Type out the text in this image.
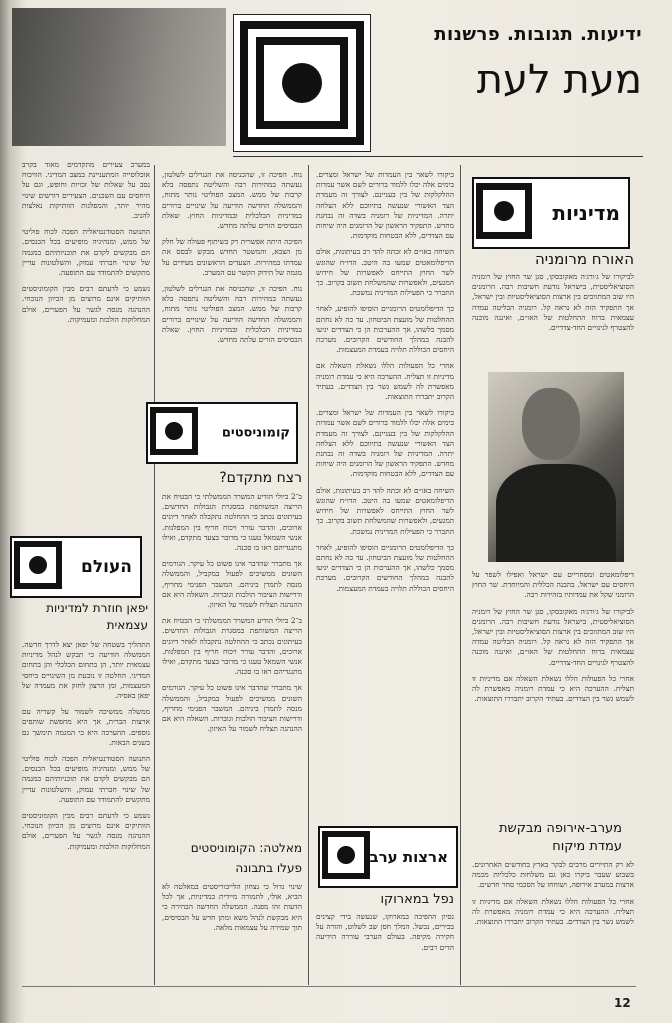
ידיעות. תגובות. פרשנות
מעת לעת
מדיניות
האורח מרומניה

לביקורו של ג׳ורג׳ה מאקובסקו, סגן שר החוץ של רומניה הסוציאליסטית, בישראל נודעת חשיבות רבה. הרומנים היו שוב המתווכים בין ארצות הסוציאליסטיות ובין ישראל, אך התפקיד הזה לא נראה קל. רומניה הבליטה עמדה עצמאית ברוח ההחלטות של האו״ם, ואיננה מוכנה להצטרף לגינויים החד-צדדיים.

דיפלומאטים ומסחריים עם ישראל ואפילו לשפר על היחסים עם ישראל. בהבנה הכללית והמיוחדת. שר החוץ הרומני שקל את עמדותיו בזהירות רבה.

לביקורו של ג׳ורג׳ה מאקובסקו, סגן שר החוץ של רומניה הסוציאליסטית, בישראל נודעת חשיבות רבה. הרומנים היו שוב המתווכים בין ארצות הסוציאליסטיות ובין ישראל, אך התפקיד הזה לא נראה קל. רומניה הבליטה עמדה עצמאית ברוח ההחלטות של האו״ם, ואיננה מוכנה להצטרף לגינויים החד-צדדיים.

אחרי כל הפעולות הללו נשאלת השאלה אם מדיניות זו תצליח. ההערכה היא כי עמדת רומניה מאפשרת לה לשמש גשר בין הצדדים. בעתיד הקרוב יתבררו התוצאות.

מערב-אירופה מבקשת עמדת מיקוח

לא רק התיירים מרבים לבקר בארץ בחודשים האחרונים. בשבוע שעבר ביקרו כאן גם משלחות כלכליות מכמה ארצות במערב אירופה, ושוחחו על הסכמי סחר חדשים.

אחרי כל הפעולות הללו נשאלת השאלה אם מדיניות זו תצליח. ההערכה היא כי עמדת רומניה מאפשרת לה לשמש גשר בין הצדדים. בעתיד הקרוב יתבררו התוצאות.

ביקורו לשאר בין העמדות של ישראל ומצרים. בימים אלה יכלו ללמוד ברורים לשם אשר עמדות ההלקלקות של בין בעניינם. לצורך זה מעמדת הצד האשורי שנעשה בתיווכם ללא הצלחה יתרה. המדיניות של רומניה בשדה זה נבחנת מחדש. התפקיד הראשון של הרומנים היה שיחות עם הצדדים, ללא הבטחות מוקדמות.

השיחה באו״ם לא זכתה להד רב בעיתונות, אולם הדיפלומאטים שמעו בה היטב. הדו״ח שהוגש לשר החוץ התייחס לאפשרות של חידוש המגעים, ולאפשרות שהמשלחת תשוב בקרוב. כך התברר כי הפעילות המדינית נמשכת.

כך הדיפלומטים הרומניים הוסיפו להופיע, לאחר ההחלטות של מועצת הביטחון. עד כה לא נחתם מסמך כלשהו, אך ההערכות הן כי הצדדים יגיעו להבנה במהלך החודשים הקרובים. מערכת היחסים הכוללת תלויה בעמדת המעצמות.

אחרי כל הפעולות הללו נשאלת השאלה אם מדיניות זו תצליח. ההערכה היא כי עמדת רומניה מאפשרת לה לשמש גשר בין הצדדים. בעתיד הקרוב יתבררו התוצאות.

ביקורו לשאר בין העמדות של ישראל ומצרים. בימים אלה יכלו ללמוד ברורים לשם אשר עמדות ההלקלקות של בין בעניינם. לצורך זה מעמדת הצד האשורי שנעשה בתיווכם ללא הצלחה יתרה. המדיניות של רומניה בשדה זה נבחנת מחדש. התפקיד הראשון של הרומנים היה שיחות עם הצדדים, ללא הבטחות מוקדמות.

השיחה באו״ם לא זכתה להד רב בעיתונות, אולם הדיפלומאטים שמעו בה היטב. הדו״ח שהוגש לשר החוץ התייחס לאפשרות של חידוש המגעים, ולאפשרות שהמשלחת תשוב בקרוב. כך התברר כי הפעילות המדינית נמשכת.

כך הדיפלומטים הרומניים הוסיפו להופיע, לאחר ההחלטות של מועצת הביטחון. עד כה לא נחתם מסמך כלשהו, אך ההערכות הן כי הצדדים יגיעו להבנה במהלך החודשים הקרובים. מערכת היחסים הכוללת תלויה בעמדת המעצמות.

ארצות ערב
נפל במארוקו

נסיון ההפיכה במארוקו, שנעשה בידי קצינים בכירים, נכשל. המלך חסן שב לשלוט, והורה על חקירה מקיפה. בעולם הערבי עוררה הידיעה הדים רבים.

נוח. הפיכה זו, שהכניסה את הגנרלים לשלטון, נעשתה במהירות רבה והשליטה נתפסה בלא קרבות של ממש. המצב הפוליטי נותר מתוח, והממשלה החדשה הודיעה על שינויים ברורים במדיניות הכלכלית ובמדיניות החוץ. שאלת הבסיסים הזרים עלתה מחדש.

הפיכה היתה אפשרית רק בשיתוף פעולה של חלק מן הצבא, והמשטר החדש מבקש לבסס את עמדתו במהירות. הצעדים הראשונים מעידים על מגמה של הידוק הקשר עם המערב.

נוח. הפיכה זו, שהכניסה את הגנרלים לשלטון, נעשתה במהירות רבה והשליטה נתפסה בלא קרבות של ממש. המצב הפוליטי נותר מתוח, והממשלה החדשה הודיעה על שינויים ברורים במדיניות הכלכלית ובמדיניות החוץ. שאלת הבסיסים הזרים עלתה מחדש.

קומוניסטים
רצח מתקדם?

ב־2 ביולי הודיע המשרד הממשלתי כי הבטיח את הריצה המשותפת במסגרת הגבולות החדשים. בעיתונים נכתב כי ההחלטה נתקבלה לאחר דיונים ארוכים, והדבר עורר ויכוח חריף בין המפלגות. אנשי השמאל טענו כי מדובר בצעד מתקדם, ואילו מתנגדיהם ראו בו סכנה.

אך מתברר שהדבר אינו פשוט כל עיקר. הגורמים השונים ממשיכים לפעול במקביל, והממשלה מנסה לתמרן ביניהם. המשבר הפנימי מחריף, ודרישות הציבור הולכות וגוברות. השאלה היא אם ההנהגה תצליח לשמור על האיזון.

ב־2 ביולי הודיע המשרד הממשלתי כי הבטיח את הריצה המשותפת במסגרת הגבולות החדשים. בעיתונים נכתב כי ההחלטה נתקבלה לאחר דיונים ארוכים, והדבר עורר ויכוח חריף בין המפלגות. אנשי השמאל טענו כי מדובר בצעד מתקדם, ואילו מתנגדיהם ראו בו סכנה.

אך מתברר שהדבר אינו פשוט כל עיקר. הגורמים השונים ממשיכים לפעול במקביל, והממשלה מנסה לתמרן ביניהם. המשבר הפנימי מחריף, ודרישות הציבור הולכות וגוברות. השאלה היא אם ההנהגה תצליח לשמור על האיזון.

מאלטה: הקומוניסטים פעלו בתבונה

שינוי גדול כי נצחון הלייבוריסטים במאלטה לא הביא, אולי, לתמורה מיידית במדיניות, אך לכל הדעות זהו מפנה. הממשלה החדשה הבהירה כי היא מבקשת לנהל משא ומתן חדש על הבסיסים, תוך שמירה על עצמאות מלאה.

במערב צעירים מתקדמים מאוד בקרב אוכלוסייה המתעניינת במצב המדיני. הוויכוח נסב על שאלות של זכויות וחופש, וגם על היחסים עם השכנים. הצעירים דורשים שינוי מהיר יותר, והמפלגות הוותיקות נאלצות להגיב.

התנועה הסטודנטיאלית הפכה לכוח פוליטי של ממש, ומנהיגיה מופיעים בכל הכנסים. הם מבקשים לקדם את תוכניותיהם במגמה של שינוי חברתי עמוק, והשלטונות עדיין מתקשים להתמודד עם התופעה.

נשמע כי לדעתם רבים מבין הקומוניסטים הוותיקים אינם מרוצים מן הכיוון הנוכחי. ההנהגה מנסה לגשר על הפערים, אולם המחלוקות הולכות ומעמיקות.

העולם
יפאן חוזרת למדיניות עצמאית

התהליך בשטחה של יפאן יצא לדרך חדשה. הממשלה הודיעה כי תבקש לנהל מדיניות עצמאית יותר, הן בתחום הכלכלי והן בתחום המדיני. החלטה זו נובעת מן השינויים ביחסי המעצמות, ומן הרצון לחזק את מעמדה של יפאן באסיה.

ממשלה ממשיכה לשמור על קשריה עם ארצות הברית, אך היא מחפשת שותפים נוספים. ההערכה היא כי המגמה תימשך גם בשנים הבאות.

התנועה הסטודנטיאלית הפכה לכוח פוליטי של ממש, ומנהיגיה מופיעים בכל הכנסים. הם מבקשים לקדם את תוכניותיהם במגמה של שינוי חברתי עמוק, והשלטונות עדיין מתקשים להתמודד עם התופעה.

נשמע כי לדעתם רבים מבין הקומוניסטים הוותיקים אינם מרוצים מן הכיוון הנוכחי. ההנהגה מנסה לגשר על הפערים, אולם המחלוקות הולכות ומעמיקות.

12
